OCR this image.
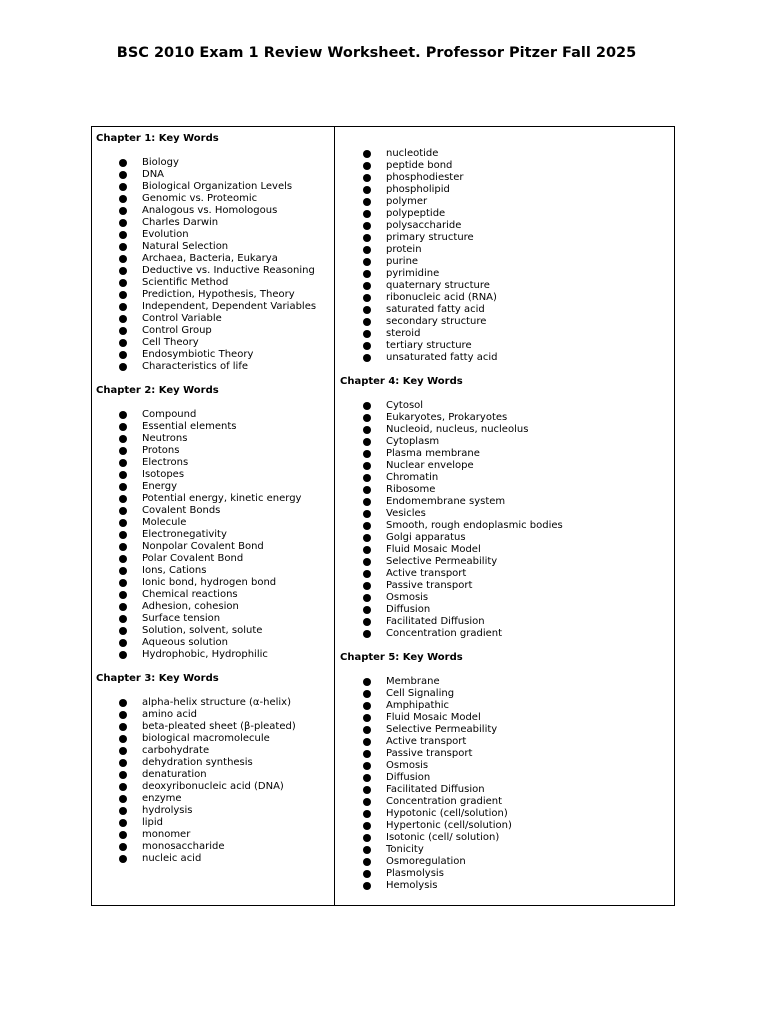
BSC 2010 Exam 1 Review Worksheet. Professor Pitzer Fall 2025
Chapter 1: Key Words
Biology
DNA
Biological Organization Levels
Genomic vs. Proteomic
Analogous vs. Homologous
Charles Darwin
Evolution
Natural Selection
Archaea, Bacteria, Eukarya
Deductive vs. Inductive Reasoning
Scientific Method
Prediction, Hypothesis, Theory
Independent, Dependent Variables
Control Variable
Control Group
Cell Theory
Endosymbiotic Theory
Characteristics of life
Chapter 2: Key Words
Compound
Essential elements
Neutrons
Protons
Electrons
Isotopes
Energy
Potential energy, kinetic energy
Covalent Bonds
Molecule
Electronegativity
Nonpolar Covalent Bond
Polar Covalent Bond
Ions, Cations
Ionic bond, hydrogen bond
Chemical reactions
Adhesion, cohesion
Surface tension
Solution, solvent, solute
Aqueous solution
Hydrophobic, Hydrophilic
Chapter 3: Key Words
alpha-helix structure (α-helix)
amino acid
beta-pleated sheet (β-pleated)
biological macromolecule
carbohydrate
dehydration synthesis
denaturation
deoxyribonucleic acid (DNA)
enzyme
hydrolysis
lipid
monomer
monosaccharide
nucleic acid
nucleotide
peptide bond
phosphodiester
phospholipid
polymer
polypeptide
polysaccharide
primary structure
protein
purine
pyrimidine
quaternary structure
ribonucleic acid (RNA)
saturated fatty acid
secondary structure
steroid
tertiary structure
unsaturated fatty acid
Chapter 4: Key Words
Cytosol
Eukaryotes, Prokaryotes
Nucleoid, nucleus, nucleolus
Cytoplasm
Plasma membrane
Nuclear envelope
Chromatin
Ribosome
Endomembrane system
Vesicles
Smooth, rough endoplasmic bodies
Golgi apparatus
Fluid Mosaic Model
Selective Permeability
Active transport
Passive transport
Osmosis
Diffusion
Facilitated Diffusion
Concentration gradient
Chapter 5: Key Words
Membrane
Cell Signaling
Amphipathic
Fluid Mosaic Model
Selective Permeability
Active transport
Passive transport
Osmosis
Diffusion
Facilitated Diffusion
Concentration gradient
Hypotonic (cell/solution)
Hypertonic (cell/solution)
Isotonic (cell/ solution)
Tonicity
Osmoregulation
Plasmolysis
Hemolysis
